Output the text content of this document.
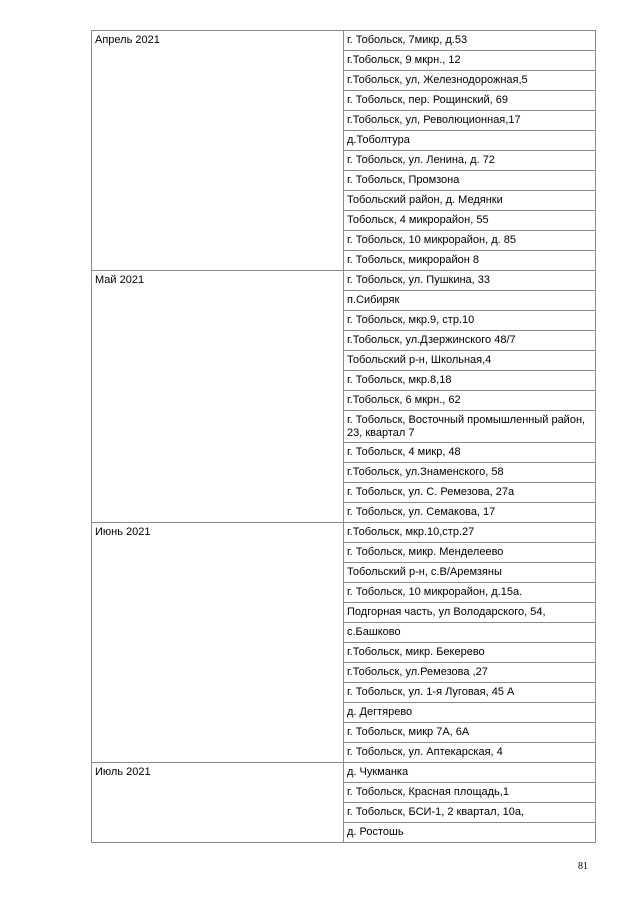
Апрель 2021	г. Тобольск, 7микр, д.53
	г.Тобольск, 9 мкрн., 12
	г.Тобольск, ул, Железнодорожная,5
	г. Тобольск, пер. Рощинский, 69
	г.Тобольск, ул, Революционная,17
	д.Тоболтура
	г. Тобольск, ул. Ленина, д. 72
	г. Тобольск, Промзона
	Тобольский район, д. Медянки
	Тобольск, 4 микрорайон, 55
	г. Тобольск, 10 микрорайон, д. 85
	г. Тобольск, микрорайон 8
Май 2021	г. Тобольск, ул. Пушкина, 33
	п.Сибиряк
	г. Тобольск, мкр.9, стр.10
	г.Тобольск, ул.Дзержинского 48/7
	Тобольский р-н, Школьная,4
	г. Тобольск, мкр.8,18
	г.Тобольск, 6 мкрн., 62
	г. Тобольск, Восточный промышленный район, 23, квартал 7
	г. Тобольск, 4 микр, 48
	г.Тобольск, ул.Знаменского, 58
	г. Тобольск, ул. С. Ремезова, 27а
	г. Тобольск, ул. Семакова, 17
Июнь 2021	г.Тобольск, мкр.10,стр.27
	г. Тобольск, микр. Менделеево
	Тобольский р-н, с.В/Аремзяны
	г. Тобольск, 10 микрорайон, д.15а.
	Подгорная часть, ул Володарского, 54,
	с.Башково
	г.Тобольск, микр. Бекерево
	г.Тобольск, ул.Ремезова ,27
	г. Тобольск, ул. 1-я Луговая, 45 А
	д. Дегтярево
	г. Тобольск, микр 7А, 6А
	г. Тобольск, ул. Аптекарская, 4
Июль 2021	д. Чукманка
	г. Тобольск, Красная площадь,1
	г. Тобольск, БСИ-1, 2 квартал, 10а,
	д. Ростошь
81
